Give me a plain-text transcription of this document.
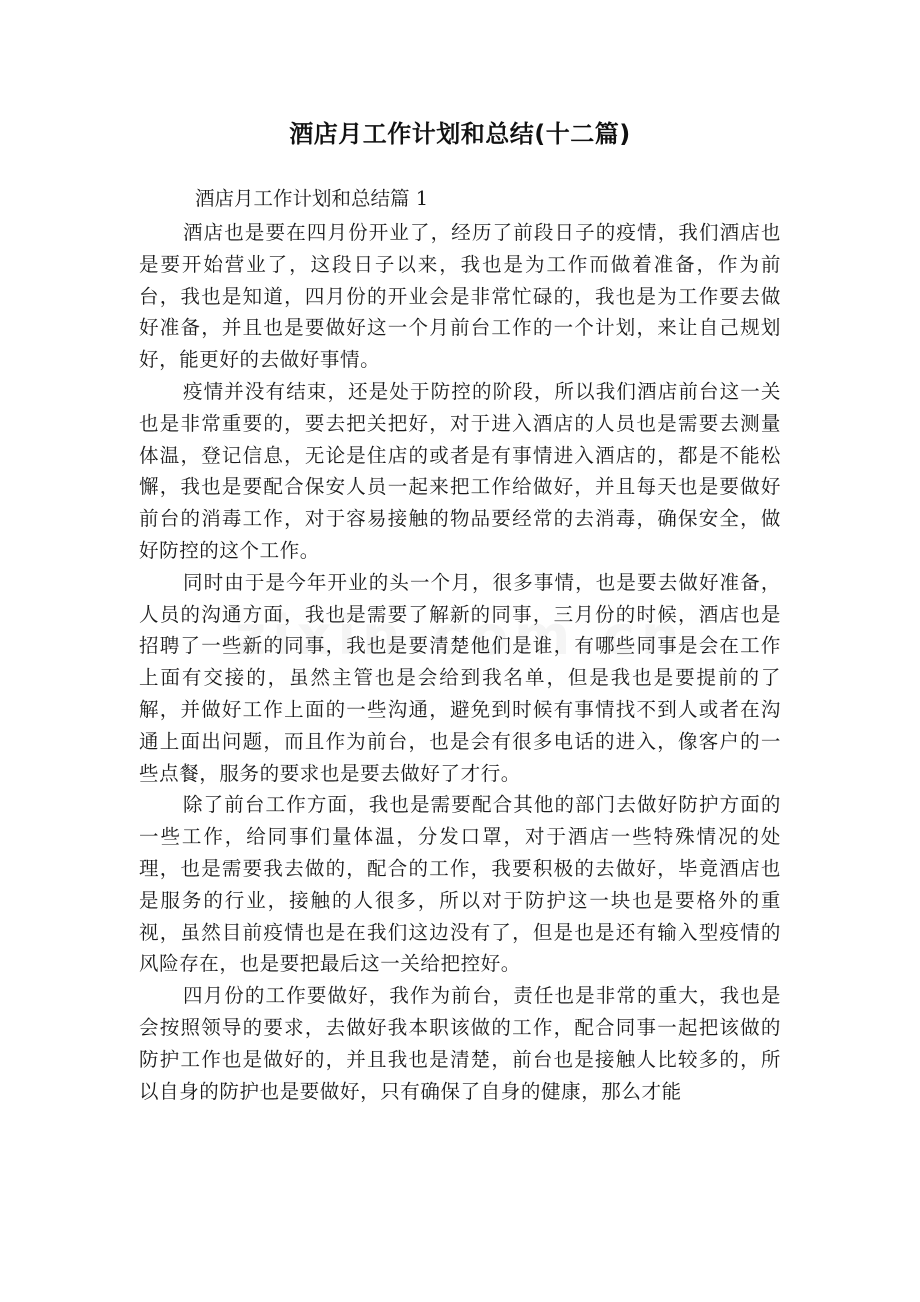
酒店月工作计划和总结(十二篇)

酒店月工作计划和总结篇 1

酒店也是要在四月份开业了，经历了前段日子的疫情，我们酒店也是要开始营业了，这段日子以来，我也是为工作而做着准备，作为前台，我也是知道，四月份的开业会是非常忙碌的，我也是为工作要去做好准备，并且也是要做好这一个月前台工作的一个计划，来让自己规划好，能更好的去做好事情。

疫情并没有结束，还是处于防控的阶段，所以我们酒店前台这一关也是非常重要的，要去把关把好，对于进入酒店的人员也是需要去测量体温，登记信息，无论是住店的或者是有事情进入酒店的，都是不能松懈，我也是要配合保安人员一起来把工作给做好，并且每天也是要做好前台的消毒工作，对于容易接触的物品要经常的去消毒，确保安全，做好防控的这个工作。

同时由于是今年开业的头一个月，很多事情，也是要去做好准备，人员的沟通方面，我也是需要了解新的同事，三月份的时候，酒店也是招聘了一些新的同事，我也是要清楚他们是谁，有哪些同事是会在工作上面有交接的，虽然主管也是会给到我名单，但是我也是要提前的了解，并做好工作上面的一些沟通，避免到时候有事情找不到人或者在沟通上面出问题，而且作为前台，也是会有很多电话的进入，像客户的一些点餐，服务的要求也是要去做好了才行。

除了前台工作方面，我也是需要配合其他的部门去做好防护方面的一些工作，给同事们量体温，分发口罩，对于酒店一些特殊情况的处理，也是需要我去做的，配合的工作，我要积极的去做好，毕竟酒店也是服务的行业，接触的人很多，所以对于防护这一块也是要格外的重视，虽然目前疫情也是在我们这边没有了，但是也是还有输入型疫情的风险存在，也是要把最后这一关给把控好。

四月份的工作要做好，我作为前台，责任也是非常的重大，我也是会按照领导的要求，去做好我本职该做的工作，配合同事一起把该做的防护工作也是做好的，并且我也是清楚，前台也是接触人比较多的，所以自身的防护也是要做好，只有确保了自身的健康，那么才能
